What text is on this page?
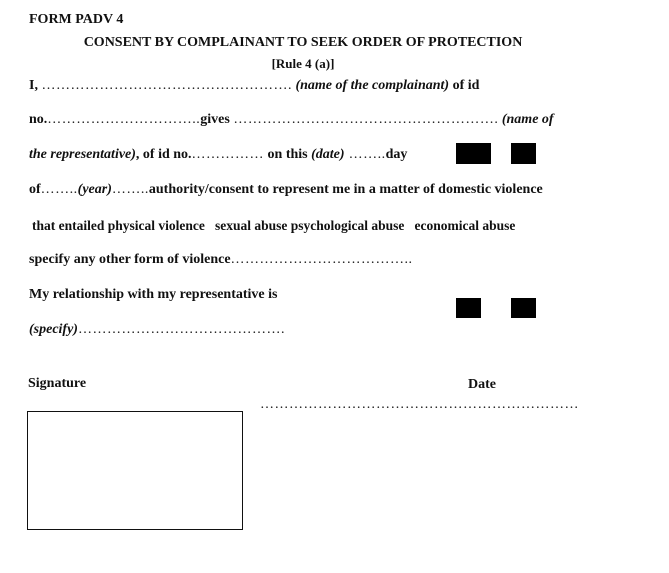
FORM PADV 4
CONSENT BY COMPLAINANT TO SEEK ORDER OF PROTECTION
[Rule 4 (a)]
I, ……………………………………………. (name of the complainant) of id
no.…………………………..gives ………………………………………………. (name of
the representative), of id no.…………… on this (date) ……..day
of……..(year)……..authority/consent to represent me in a matter of domestic violence
that entailed physical violence   sexual abuse psychological abuse   economical abuse
specify any other form of violence………………………………..
My relationship with my representative is
(specify)…………………………………….
Signature	Date
…………………………………………………………
